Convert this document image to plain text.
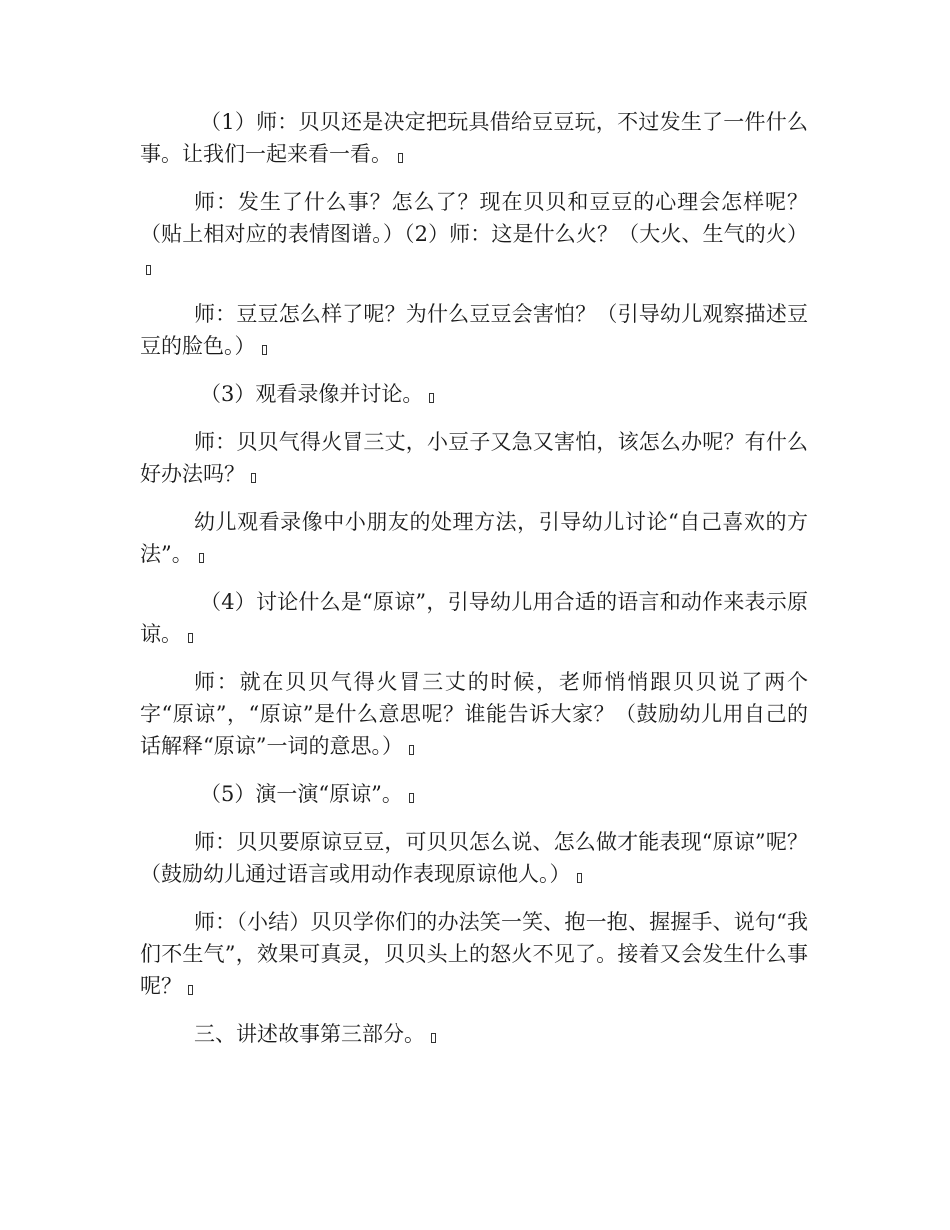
（1）师：贝贝还是决定把玩具借给豆豆玩，不过发生了一件什么事。让我们一起来看一看。

师：发生了什么事？怎么了？现在贝贝和豆豆的心理会怎样呢？（贴上相对应的表情图谱。）（2）师：这是什么火？（大火、生气的火）

师：豆豆怎么样了呢？为什么豆豆会害怕？（引导幼儿观察描述豆豆的脸色。）

（3）观看录像并讨论。

师：贝贝气得火冒三丈，小豆子又急又害怕，该怎么办呢？有什么好办法吗？

幼儿观看录像中小朋友的处理方法，引导幼儿讨论“自己喜欢的方法”。

（4）讨论什么是“原谅”，引导幼儿用合适的语言和动作来表示原谅。

师：就在贝贝气得火冒三丈的时候，老师悄悄跟贝贝说了两个字“原谅”，“原谅”是什么意思呢？谁能告诉大家？（鼓励幼儿用自己的话解释“原谅”一词的意思。）

（5）演一演“原谅”。

师：贝贝要原谅豆豆，可贝贝怎么说、怎么做才能表现“原谅”呢？（鼓励幼儿通过语言或用动作表现原谅他人。）

师：（小结）贝贝学你们的办法笑一笑、抱一抱、握握手、说句“我们不生气”，效果可真灵，贝贝头上的怒火不见了。接着又会发生什么事呢？

三、讲述故事第三部分。
